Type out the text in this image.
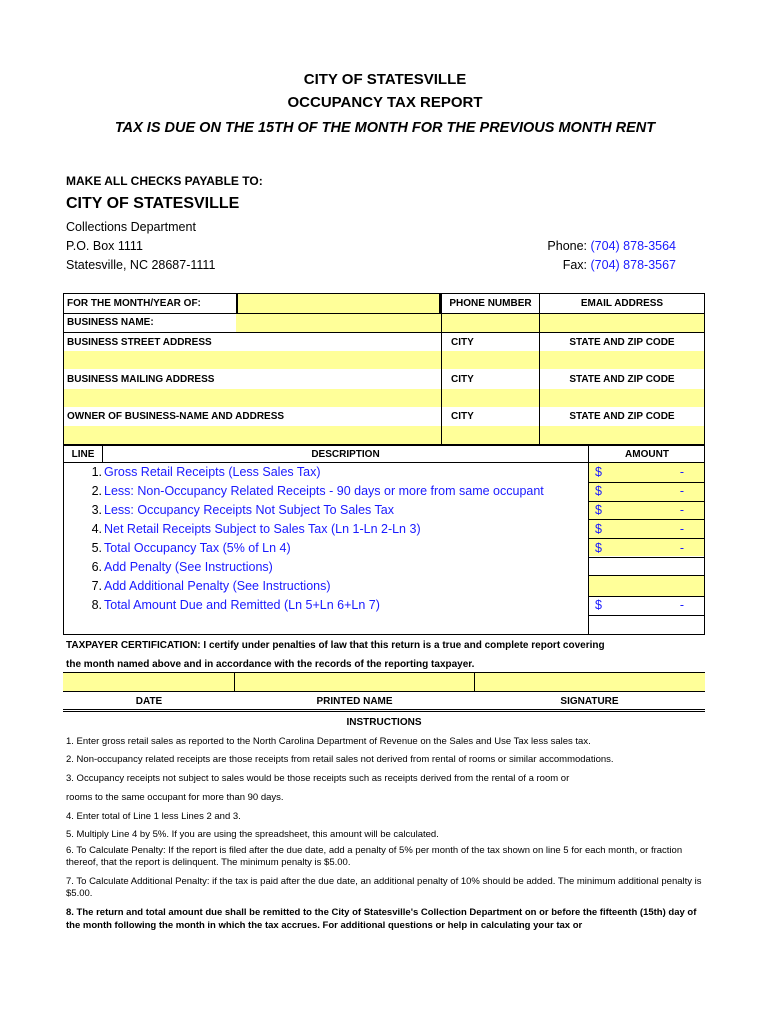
CITY OF STATESVILLE
OCCUPANCY TAX REPORT
TAX IS DUE ON THE 15TH OF THE MONTH FOR THE PREVIOUS MONTH RENT
MAKE ALL CHECKS PAYABLE TO:
CITY OF STATESVILLE
Collections Department
P.O. Box 1111
Statesville, NC 28687-1111
Phone: (704) 878-3564
Fax: (704) 878-3567
FOR THE MONTH/YEAR OF:	PHONE NUMBER	EMAIL ADDRESS
BUSINESS NAME:
BUSINESS STREET ADDRESS	CITY	STATE AND ZIP CODE
BUSINESS MAILING ADDRESS	CITY	STATE AND ZIP CODE
OWNER OF BUSINESS-NAME AND ADDRESS	CITY	STATE AND ZIP CODE
LINE	DESCRIPTION	AMOUNT
1. Gross Retail Receipts (Less Sales Tax)	$	-

2. Less: Non-Occupancy Related Receipts - 90 days or more from same occupant	$	-

3. Less: Occupancy Receipts Not Subject To Sales Tax	$	-

4. Net Retail Receipts Subject to Sales Tax (Ln 1-Ln 2-Ln 3)	$	-

5. Total Occupancy Tax (5% of Ln 4)	$	-

6. Add Penalty (See Instructions)

7. Add Additional Penalty (See Instructions)

8. Total Amount Due and Remitted (Ln 5+Ln 6+Ln 7)	$	-

TAXPAYER CERTIFICATION: I certify under penalties of law that this return is a true and complete report covering
the month named above and in accordance with the records of the reporting taxpayer.
DATE	PRINTED NAME	SIGNATURE
INSTRUCTIONS
1. Enter gross retail sales as reported to the North Carolina Department of Revenue on the Sales and Use Tax less sales tax.
2. Non-occupancy related receipts are those receipts from retail sales not derived from rental of rooms or similar accommodations.
3. Occupancy receipts not subject to sales would be those receipts such as receipts derived from the rental of a room or
rooms to the same occupant for more than 90 days.
4. Enter total of Line 1 less Lines 2 and 3.
5. Multiply Line 4 by 5%. If you are using the spreadsheet, this amount will be calculated.
6. To Calculate Penalty: If the report is filed after the due date, add a penalty of 5% per month of the tax shown on line 5 for each month, or fraction thereof, that the report is delinquent. The minimum penalty is $5.00.
7. To Calculate Additional Penalty: if the tax is paid after the due date, an additional penalty of 10% should be added. The minimum additional penalty is $5.00.
8. The return and total amount due shall be remitted to the City of Statesville's Collection Department on or before the fifteenth (15th) day of the month following the month in which the tax accrues. For additional questions or help in calculating your tax or
